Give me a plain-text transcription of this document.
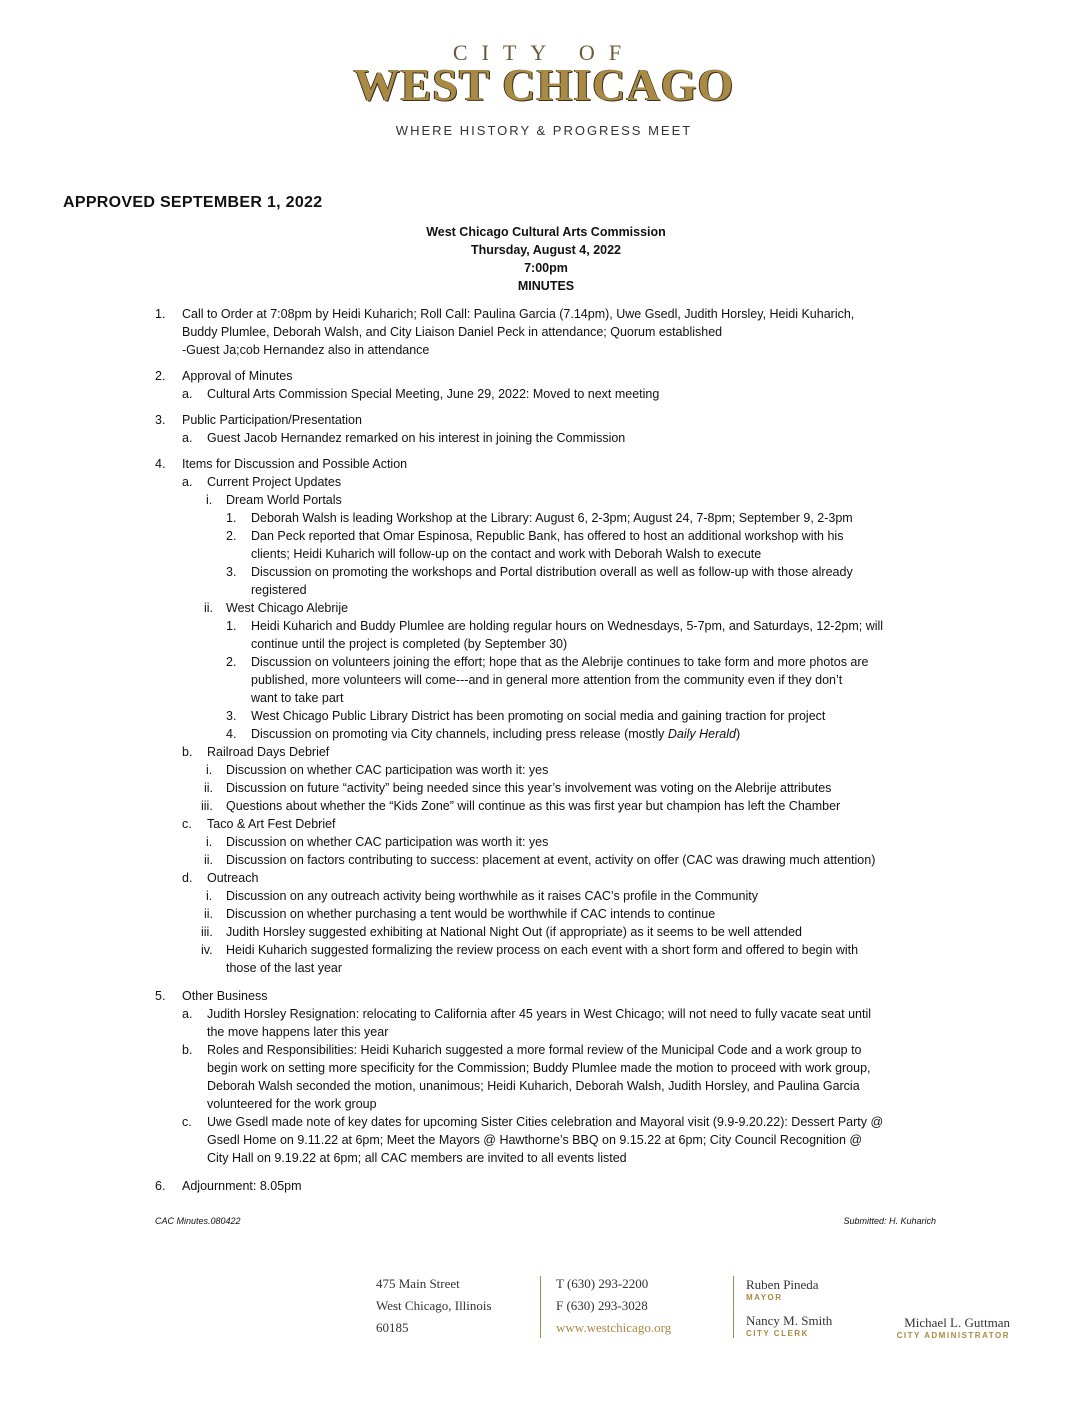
CITY OF
WEST CHICAGO
WHERE HISTORY & PROGRESS MEET
APPROVED SEPTEMBER 1, 2022
West Chicago Cultural Arts Commission
Thursday, August 4, 2022
7:00pm
MINUTES
1. Call to Order at 7:08pm by Heidi Kuharich; Roll Call: Paulina Garcia (7.14pm), Uwe Gsedl, Judith Horsley, Heidi Kuharich,
Buddy Plumlee, Deborah Walsh, and City Liaison Daniel Peck in attendance; Quorum established
-Guest Ja;cob Hernandez also in attendance
2. Approval of Minutes
a. Cultural Arts Commission Special Meeting, June 29, 2022: Moved to next meeting
3. Public Participation/Presentation
a. Guest Jacob Hernandez remarked on his interest in joining the Commission
4. Items for Discussion and Possible Action
a. Current Project Updates
i. Dream World Portals
1. Deborah Walsh is leading Workshop at the Library: August 6, 2-3pm; August 24, 7-8pm; September 9, 2-3pm
2. Dan Peck reported that Omar Espinosa, Republic Bank, has offered to host an additional workshop with his
clients; Heidi Kuharich will follow-up on the contact and work with Deborah Walsh to execute
3. Discussion on promoting the workshops and Portal distribution overall as well as follow-up with those already
registered
ii. West Chicago Alebrije
1. Heidi Kuharich and Buddy Plumlee are holding regular hours on Wednesdays, 5-7pm, and Saturdays, 12-2pm; will
continue until the project is completed (by September 30)
2. Discussion on volunteers joining the effort; hope that as the Alebrije continues to take form and more photos are
published, more volunteers will come---and in general more attention from the community even if they don’t
want to take part
3. West Chicago Public Library District has been promoting on social media and gaining traction for project
4. Discussion on promoting via City channels, including press release (mostly Daily Herald)
b. Railroad Days Debrief
i. Discussion on whether CAC participation was worth it: yes
ii. Discussion on future “activity” being needed since this year’s involvement was voting on the Alebrije attributes
iii. Questions about whether the “Kids Zone” will continue as this was first year but champion has left the Chamber
c. Taco & Art Fest Debrief
i. Discussion on whether CAC participation was worth it: yes
ii. Discussion on factors contributing to success: placement at event, activity on offer (CAC was drawing much attention)
d. Outreach
i. Discussion on any outreach activity being worthwhile as it raises CAC’s profile in the Community
ii. Discussion on whether purchasing a tent would be worthwhile if CAC intends to continue
iii. Judith Horsley suggested exhibiting at National Night Out (if appropriate) as it seems to be well attended
iv. Heidi Kuharich suggested formalizing the review process on each event with a short form and offered to begin with
those of the last year
5. Other Business
a. Judith Horsley Resignation: relocating to California after 45 years in West Chicago; will not need to fully vacate seat until
the move happens later this year
b. Roles and Responsibilities: Heidi Kuharich suggested a more formal review of the Municipal Code and a work group to
begin work on setting more specificity for the Commission; Buddy Plumlee made the motion to proceed with work group,
Deborah Walsh seconded the motion, unanimous; Heidi Kuharich, Deborah Walsh, Judith Horsley, and Paulina Garcia
volunteered for the work group
c. Uwe Gsedl made note of key dates for upcoming Sister Cities celebration and Mayoral visit (9.9-9.20.22): Dessert Party @
Gsedl Home on 9.11.22 at 6pm; Meet the Mayors @ Hawthorne’s BBQ on 9.15.22 at 6pm; City Council Recognition @
City Hall on 9.19.22 at 6pm; all CAC members are invited to all events listed
6. Adjournment: 8.05pm
CAC Minutes.080422	Submitted: H. Kuharich
475 Main Street
West Chicago, Illinois
60185
T (630) 293-2200
F (630) 293-3028
www.westchicago.org
Ruben Pineda
MAYOR
Nancy M. Smith
CITY CLERK
Michael L. Guttman
CITY ADMINISTRATOR
